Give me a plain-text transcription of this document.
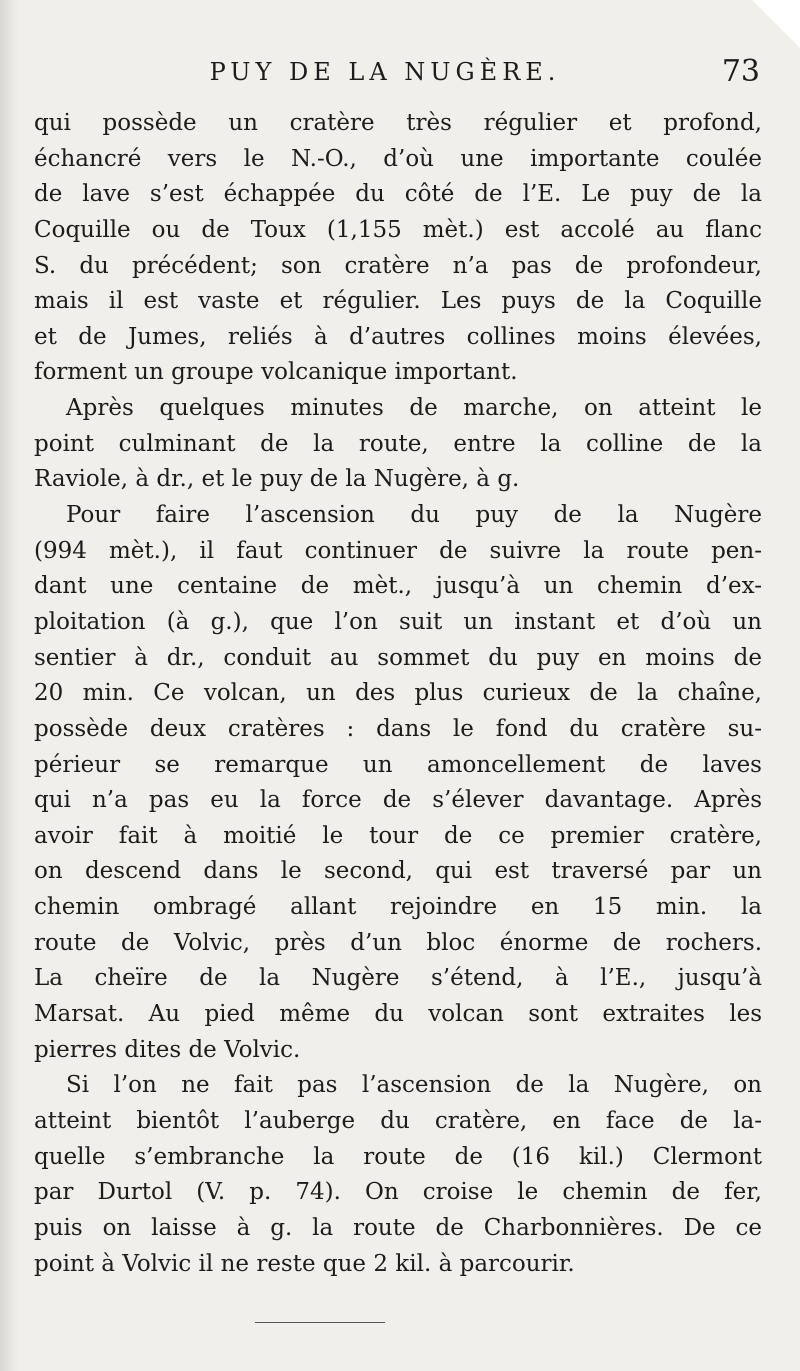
PUY DE LA NUGÈRE.	73
qui possède un cratère très régulier et profond,
échancré vers le N.-O., d’où une importante coulée
de lave s’est échappée du côté de l’E. Le puy de la
Coquille ou de Toux (1,155 mèt.) est accolé au flanc
S. du précédent; son cratère n’a pas de profondeur,
mais il est vaste et régulier. Les puys de la Coquille
et de Jumes, reliés à d’autres collines moins élevées,
forment un groupe volcanique important.
Après quelques minutes de marche, on atteint le
point culminant de la route, entre la colline de la
Raviole, à dr., et le puy de la Nugère, à g.
Pour faire l’ascension du puy de la Nugère
(994 mèt.), il faut continuer de suivre la route pen-
dant une centaine de mèt., jusqu’à un chemin d’ex-
ploitation (à g.), que l’on suit un instant et d’où un
sentier à dr., conduit au sommet du puy en moins de
20 min. Ce volcan, un des plus curieux de la chaîne,
possède deux cratères : dans le fond du cratère su-
périeur se remarque un amoncellement de laves
qui n’a pas eu la force de s’élever davantage. Après
avoir fait à moitié le tour de ce premier cratère,
on descend dans le second, qui est traversé par un
chemin ombragé allant rejoindre en 15 min. la
route de Volvic, près d’un bloc énorme de rochers.
La cheïre de la Nugère s’étend, à l’E., jusqu’à
Marsat. Au pied même du volcan sont extraites les
pierres dites de Volvic.
Si l’on ne fait pas l’ascension de la Nugère, on
atteint bientôt l’auberge du cratère, en face de la-
quelle s’embranche la route de (16 kil.) Clermont
par Durtol (V. p. 74). On croise le chemin de fer,
puis on laisse à g. la route de Charbonnières. De ce
point à Volvic il ne reste que 2 kil. à parcourir.
